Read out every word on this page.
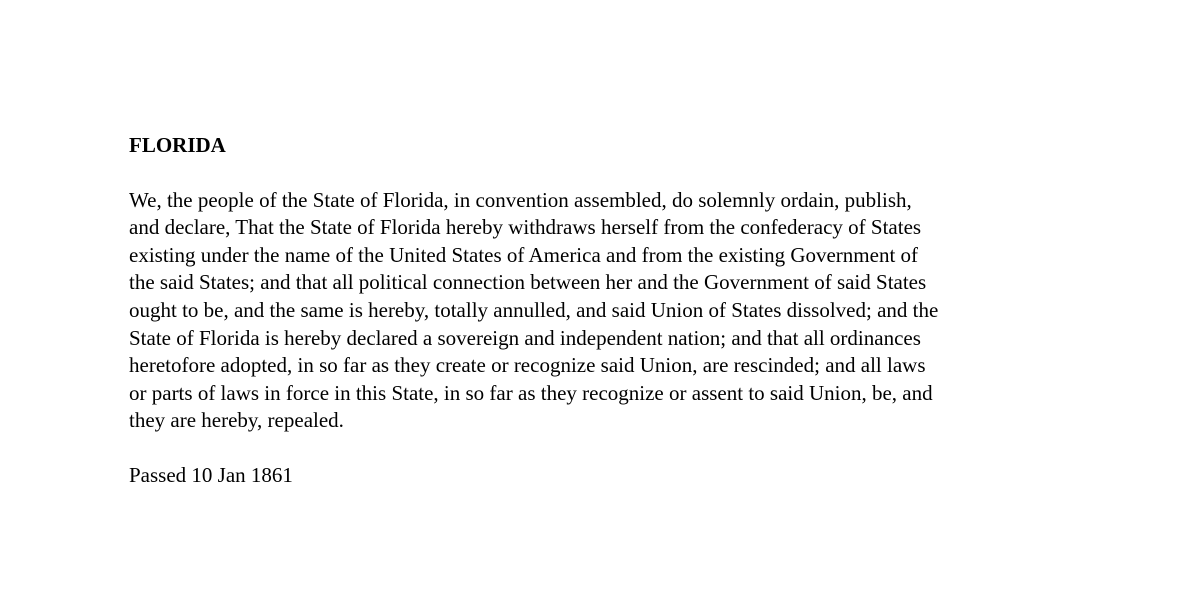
FLORIDA
We, the people of the State of Florida, in convention assembled, do solemnly ordain, publish,
and declare, That the State of Florida hereby withdraws herself from the confederacy of States
existing under the name of the United States of America and from the existing Government of
the said States; and that all political connection between her and the Government of said States
ought to be, and the same is hereby, totally annulled, and said Union of States dissolved; and the
State of Florida is hereby declared a sovereign and independent nation; and that all ordinances
heretofore adopted, in so far as they create or recognize said Union, are rescinded; and all laws
or parts of laws in force in this State, in so far as they recognize or assent to said Union, be, and
they are hereby, repealed.
Passed 10 Jan 1861
